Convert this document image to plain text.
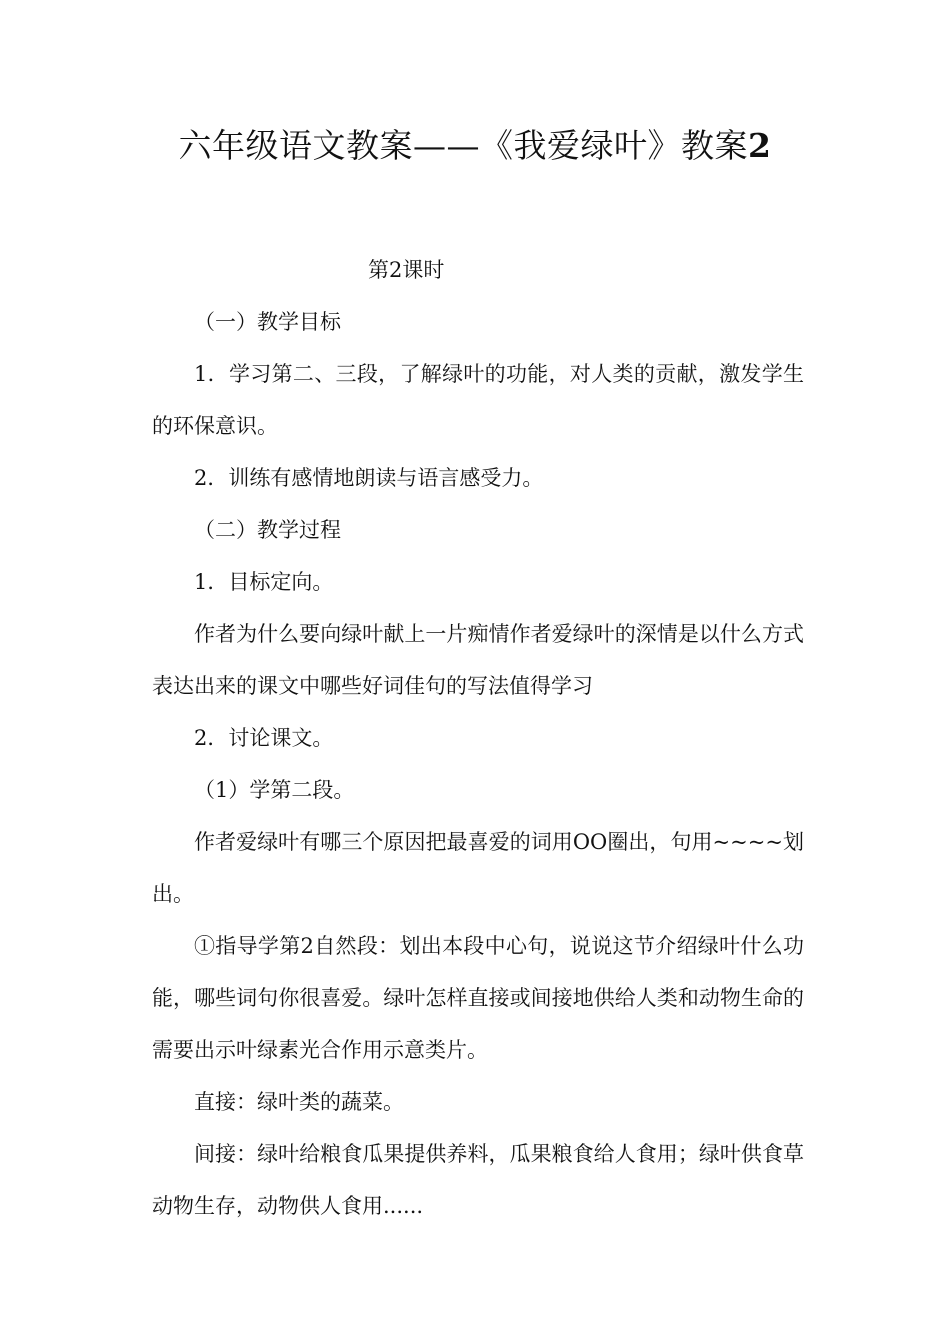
六年级语文教案——《我爱绿叶》教案2

第2课时

（一）教学目标

1．学习第二、三段，了解绿叶的功能，对人类的贡献，激发学生的环保意识。

2．训练有感情地朗读与语言感受力。

（二）教学过程

1．目标定向。

作者为什么要向绿叶献上一片痴情作者爱绿叶的深情是以什么方式表达出来的课文中哪些好词佳句的写法值得学习

2．讨论课文。

（1）学第二段。

作者爱绿叶有哪三个原因把最喜爱的词用OO圈出，句用~~~~划出。

①指导学第2自然段：划出本段中心句，说说这节介绍绿叶什么功能，哪些词句你很喜爱。绿叶怎样直接或间接地供给人类和动物生命的需要出示叶绿素光合作用示意类片。

直接：绿叶类的蔬菜。

间接：绿叶给粮食瓜果提供养料，瓜果粮食给人食用；绿叶供食草动物生存，动物供人食用......
